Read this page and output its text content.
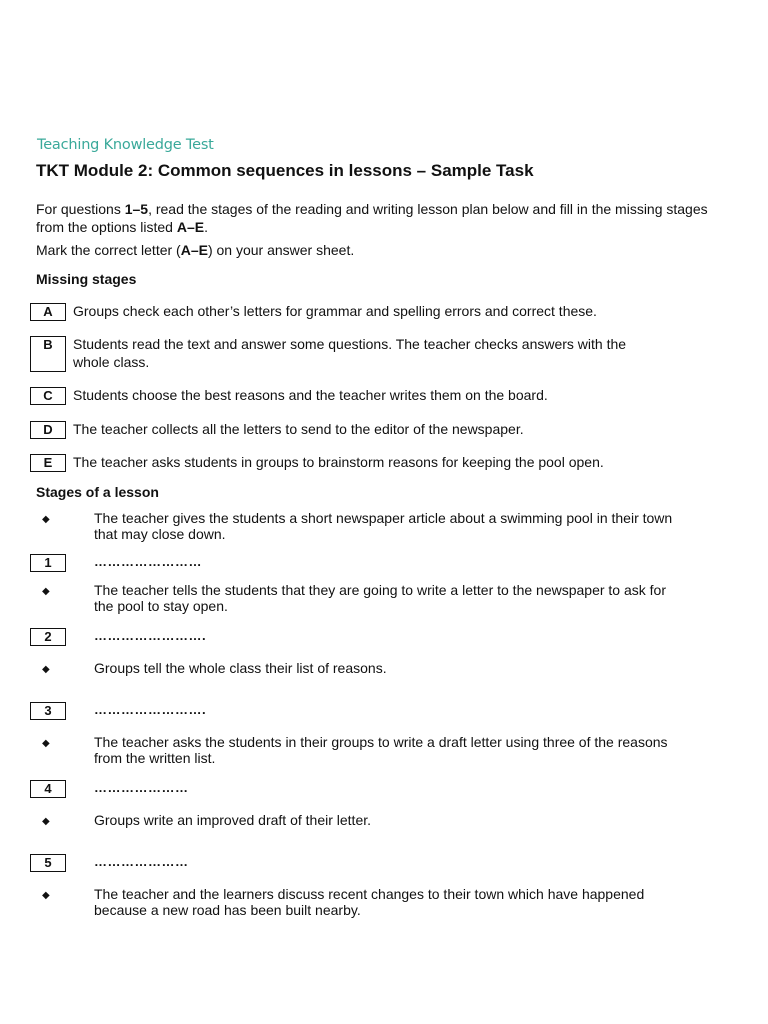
Teaching Knowledge Test
TKT Module 2: Common sequences in lessons – Sample Task
For questions 1–5, read the stages of the reading and writing lesson plan below and fill in the missing stages from the options listed A–E.
Mark the correct letter (A–E) on your answer sheet.
Missing stages
A	Groups check each other’s letters for grammar and spelling errors and correct these.
B	Students read the text and answer some questions. The teacher checks answers with the whole class.
C	Students choose the best reasons and the teacher writes them on the board.
D	The teacher collects all the letters to send to the editor of the newspaper.
E	The teacher asks students in groups to brainstorm reasons for keeping the pool open.
Stages of a lesson
◆	The teacher gives the students a short newspaper article about a swimming pool in their town that may close down.
1	……………………
◆	The teacher tells the students that they are going to write a letter to the newspaper to ask for the pool to stay open.
2	…………………….
◆	Groups tell the whole class their list of reasons.
3	…………………….
◆	The teacher asks the students in their groups to write a draft letter using three of the reasons from the written list.
4	…………………
◆	Groups write an improved draft of their letter.
5	…………………
◆	The teacher and the learners discuss recent changes to their town which have happened because a new road has been built nearby.
